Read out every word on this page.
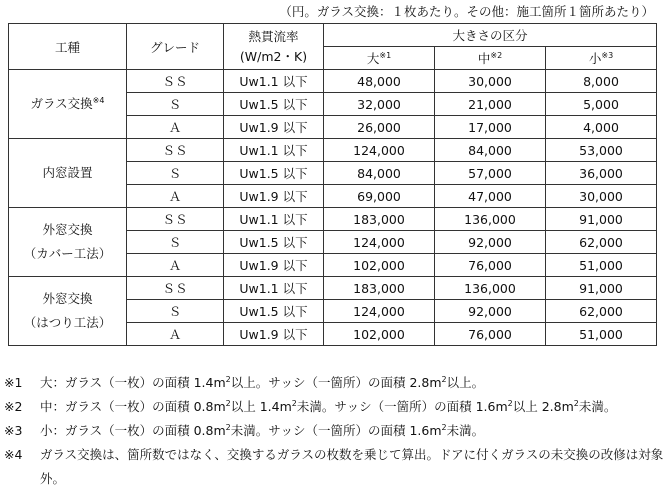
（円。ガラス交換：１枚あたり。その他：施工箇所１箇所あたり）
工種	グレード	熱貫流率
(W/m2・K)	大きさの区分		
			大$^{※1}$	中$^{※2}$	小$^{※3}$

ガラス交換$^{※4}$	ＳＳ	Uw1.1 以下	48,000	30,000	8,000
	Ｓ	Uw1.5 以下	32,000	21,000	5,000
	Ａ	Uw1.9 以下	26,000	17,000	4,000

内窓設置	ＳＳ	Uw1.1 以下	124,000	84,000	53,000
	Ｓ	Uw1.5 以下	84,000	57,000	36,000
	Ａ	Uw1.9 以下	69,000	47,000	30,000

外窓交換
（カバー工法）	ＳＳ	Uw1.1 以下	183,000	136,000	91,000
	Ｓ	Uw1.5 以下	124,000	92,000	62,000
	Ａ	Uw1.9 以下	102,000	76,000	51,000

外窓交換
（はつり工法）	ＳＳ	Uw1.1 以下	183,000	136,000	91,000
	Ｓ	Uw1.5 以下	124,000	92,000	62,000
	Ａ	Uw1.9 以下	102,000	76,000	51,000
※1 大：ガラス（一枚）の面積 $1.4m^2$以上。サッシ（一箇所）の面積 $2.8m^2$以上。
※2 中：ガラス（一枚）の面積 $0.8m^2$以上 $1.4m^2$未満。サッシ（一箇所）の面積 $1.6m^2$以上 $2.8m^2$未満。
※3 小：ガラス（一枚）の面積 $0.8m^2$未満。サッシ（一箇所）の面積 $1.6m^2$未満。
※4 ガラス交換は、箇所数ではなく、交換するガラスの枚数を乗じて算出。ドアに付くガラスの未交換の改修は対象外。
